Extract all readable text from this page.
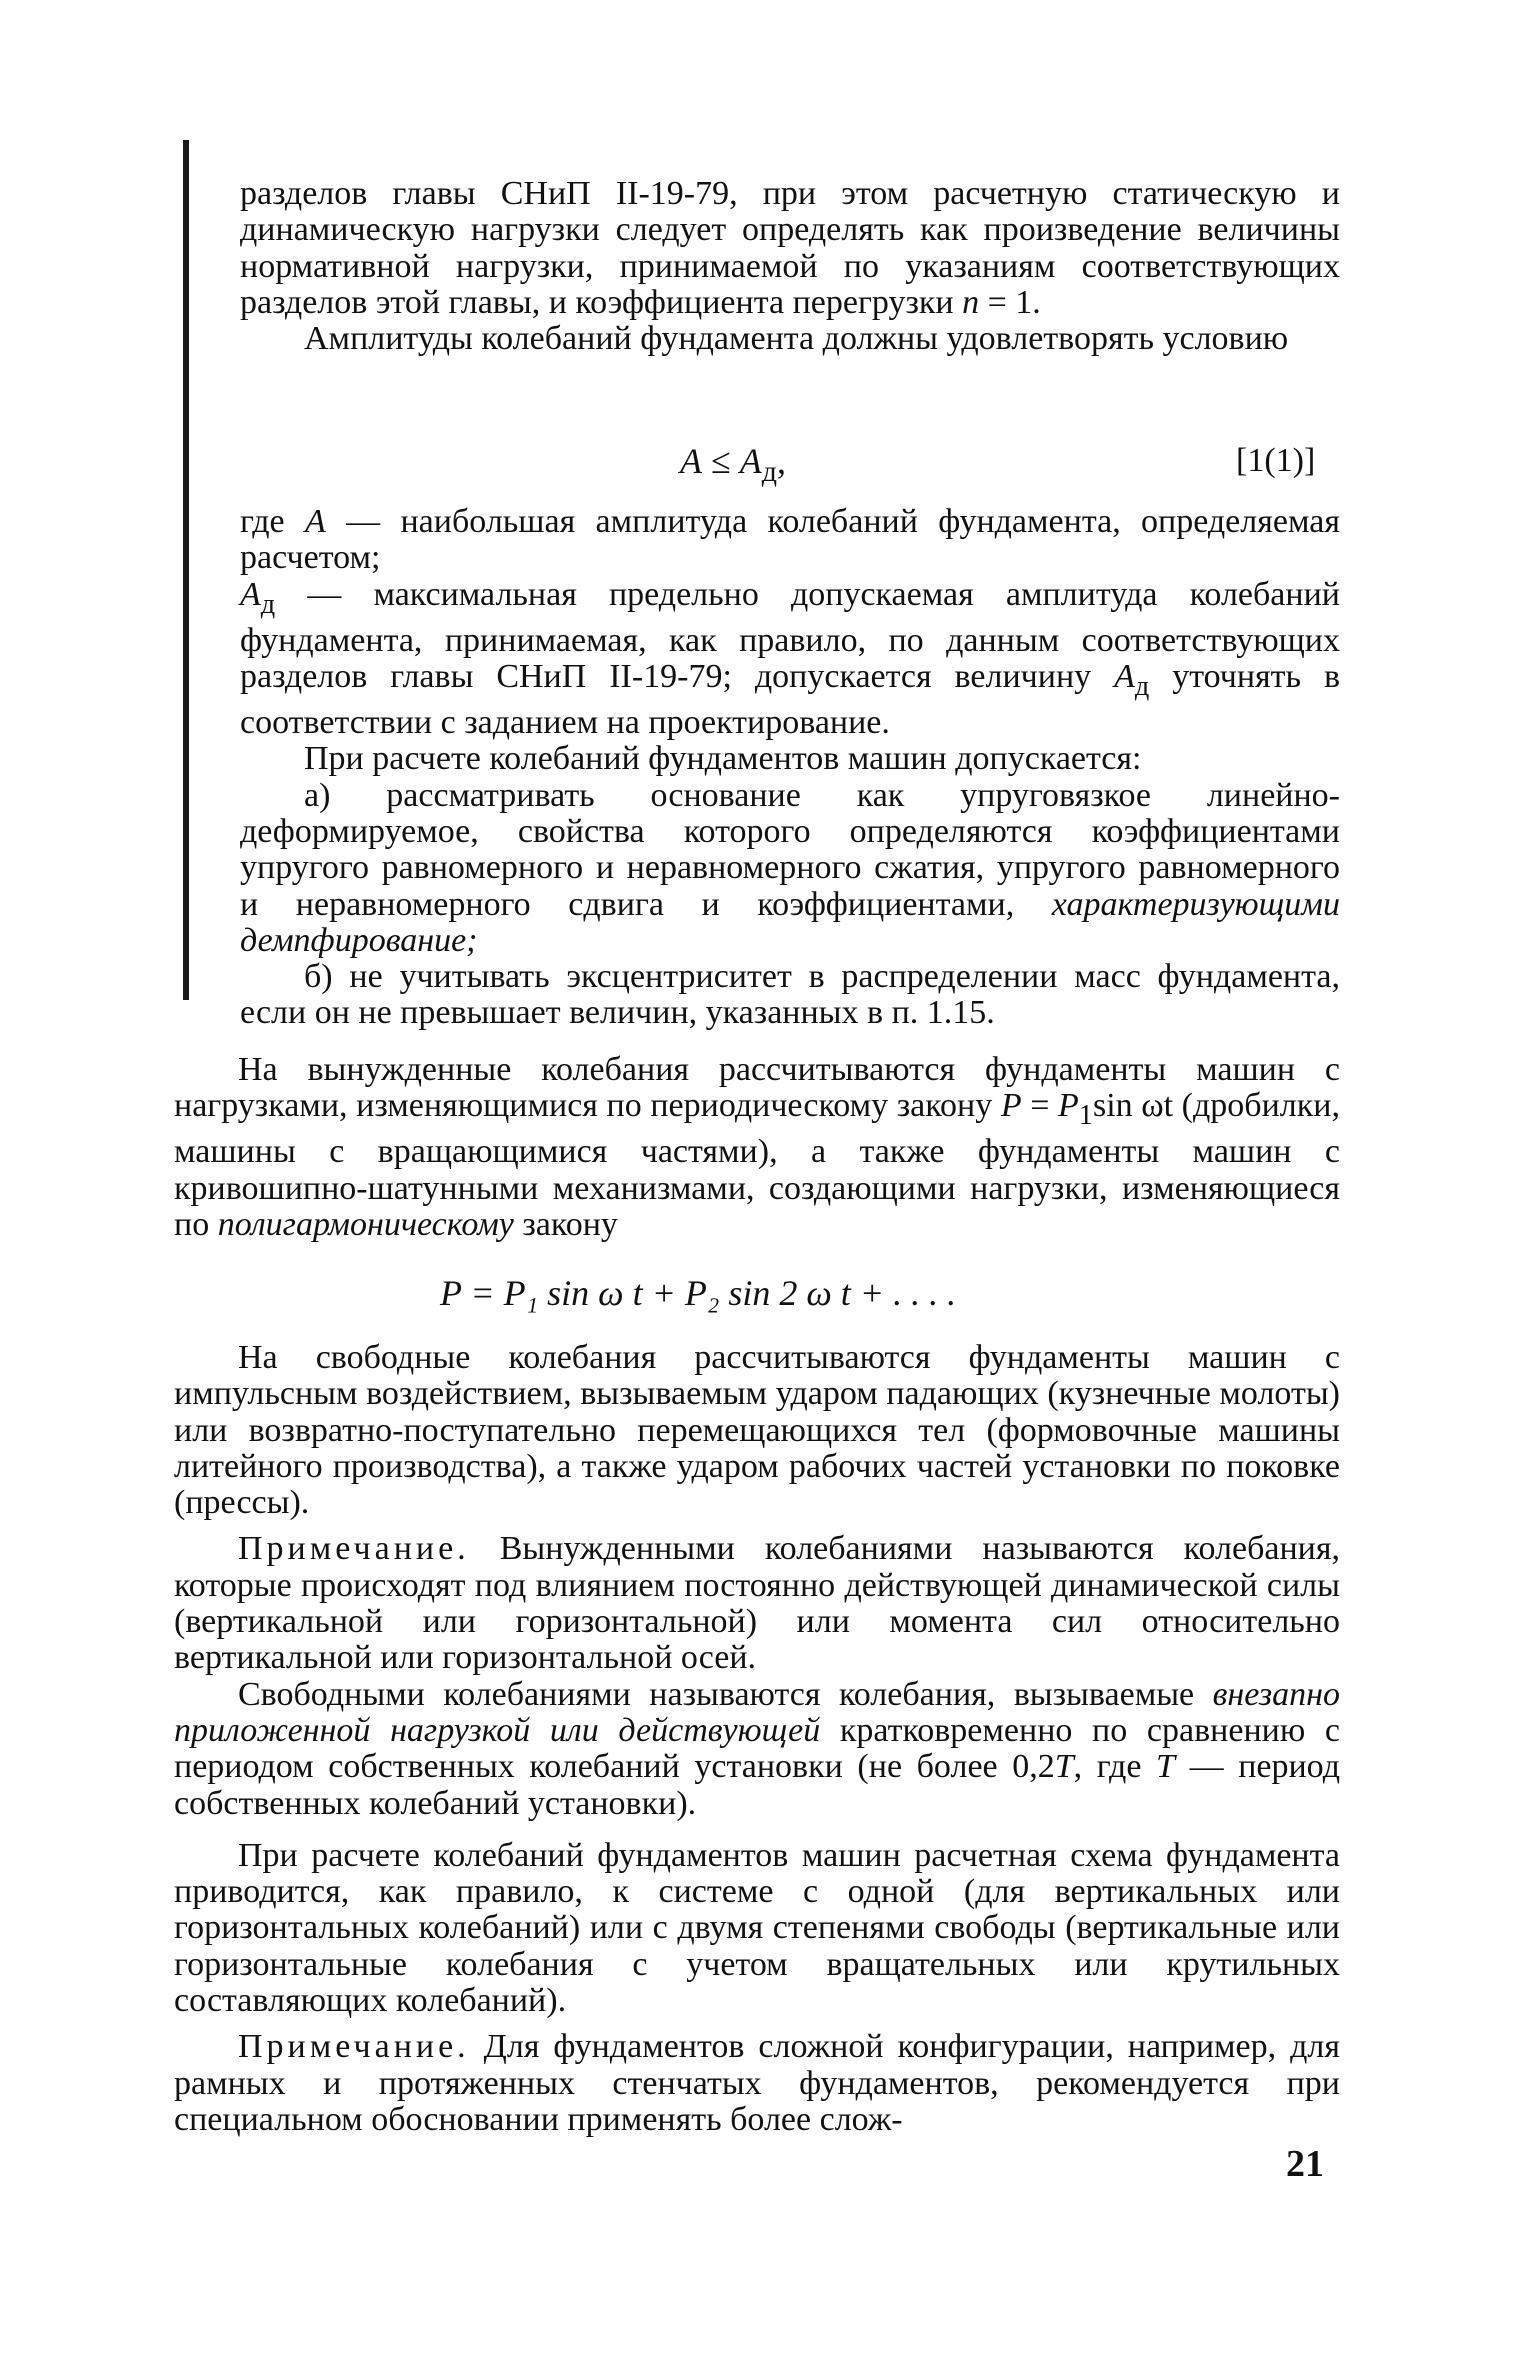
разделов главы СНиП II-19-79, при этом расчетную статическую и динамическую нагрузки следует определять как произведение величины нормативной нагрузки, принимаемой по указаниям соответствующих разделов этой главы, и коэффициента перегрузки n = 1.

Амплитуды колебаний фундамента должны удовлетворять условию

$A \le A_д$,	[1(1)]

где A — наибольшая амплитуда колебаний фундамента, определяемая расчетом;

$A_д$ — максимальная предельно допускаемая амплитуда колебаний фундамента, принимаемая, как правило, по данным соответствующих разделов главы СНиП II-19-79; допускается величину $A_д$ уточнять в соответствии с заданием на проектирование.

При расчете колебаний фундаментов машин допускается:

а) рассматривать основание как упруговязкое линейно-деформируемое, свойства которого определяются коэффициентами упругого равномерного и неравномерного сжатия, упругого равномерного и неравномерного сдвига и коэффициентами, характеризующими демпфирование;

б) не учитывать эксцентриситет в распределении масс фундамента, если он не превышает величин, указанных в п. 1.15.

На вынужденные колебания рассчитываются фундаменты машин с нагрузками, изменяющимися по периодическому закону $P = P_1\sin$ ωt (дробилки, машины с вращающимися частями), а также фундаменты машин с кривошипно-шатунными механизмами, создающими нагрузки, изменяющиеся по полигармоническому закону

P = P₁ sin ω t + P₂ sin 2 ω t + . . . .

На свободные колебания рассчитываются фундаменты машин с импульсным воздействием, вызываемым ударом падающих (кузнечные молоты) или возвратно-поступательно перемещающихся тел (формовочные машины литейного производства), а также ударом рабочих частей установки по поковке (прессы).

Примечание. Вынужденными колебаниями называются колебания, которые происходят под влиянием постоянно действующей динамической силы (вертикальной или горизонтальной) или момента сил относительно вертикальной или горизонтальной осей.

Свободными колебаниями называются колебания, вызываемые внезапно приложенной нагрузкой или действующей кратковременно по сравнению с периодом собственных колебаний установки (не более 0,2T, где T — период собственных колебаний установки).

При расчете колебаний фундаментов машин расчетная схема фундамента приводится, как правило, к системе с одной (для вертикальных или горизонтальных колебаний) или с двумя степенями свободы (вертикальные или горизонтальные колебания с учетом вращательных или крутильных составляющих колебаний).

Примечание. Для фундаментов сложной конфигурации, например, для рамных и протяженных стенчатых фундаментов, рекомендуется при специальном обосновании применять более слож-

21
